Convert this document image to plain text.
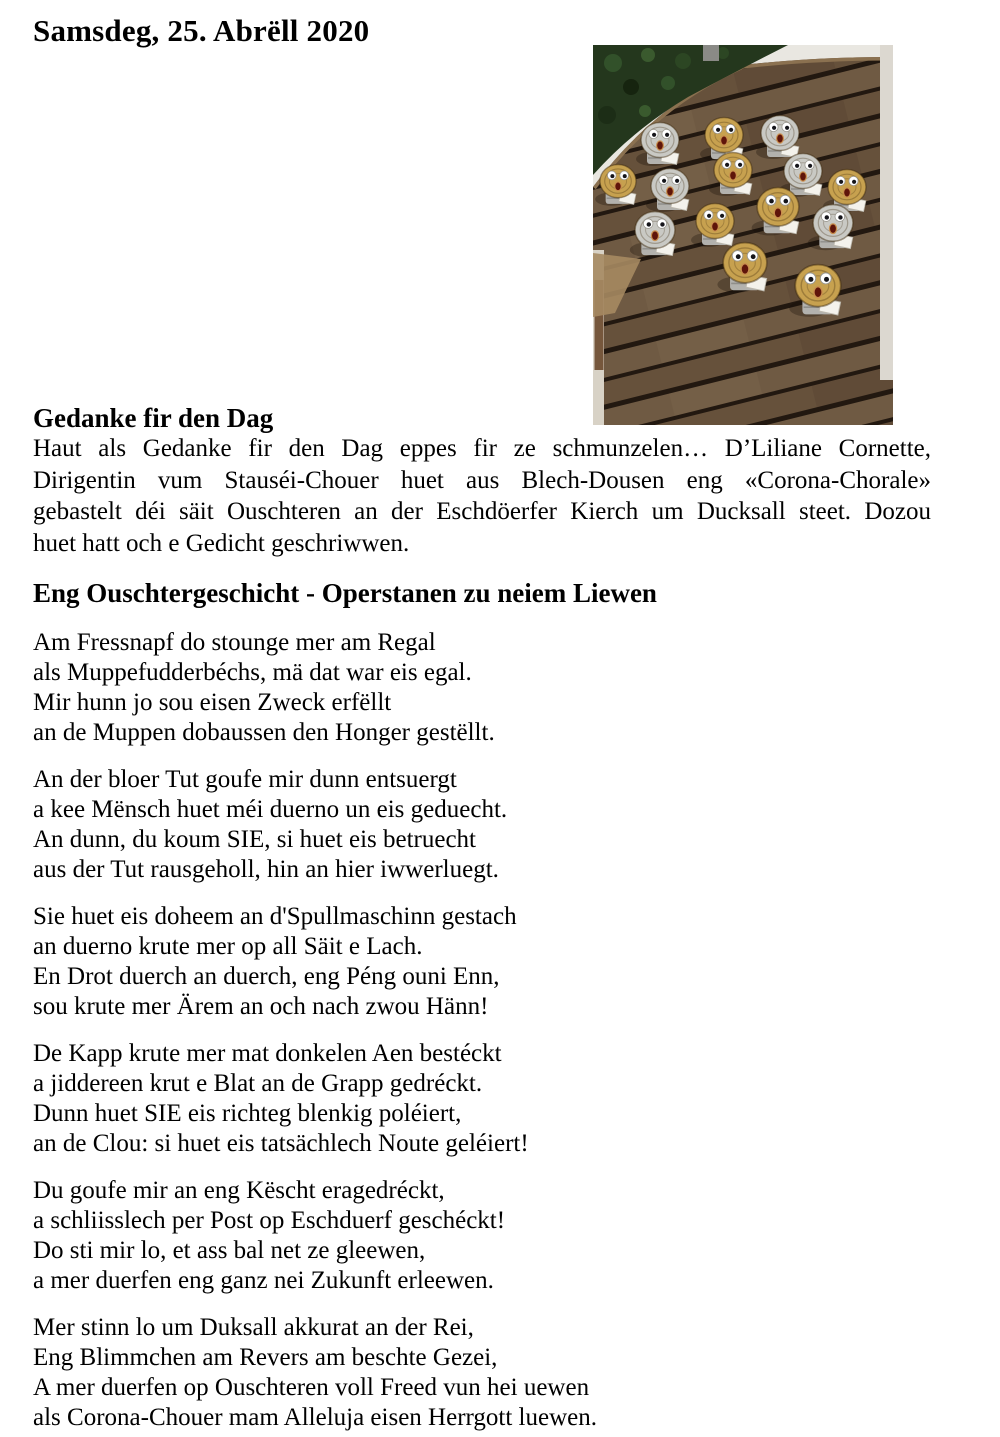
Samsdeg, 25. Abrëll 2020
Gedanke fir den Dag

Haut als Gedanke fir den Dag eppes fir ze schmunzelen… D’Liliane Cornette,
Dirigentin vum Stauséi-Chouer huet aus Blech-Dousen eng «Corona-Chorale»
gebastelt déi säit Ouschteren an der Eschdöerfer Kierch um Ducksall steet. Dozou
huet hatt och e Gedicht geschriwwen.

Eng Ouschtergeschicht - Operstanen zu neiem Liewen
Am Fressnapf do stounge mer am Regal
als Muppefudderbéchs, mä dat war eis egal.
Mir hunn jo sou eisen Zweck erfëllt
an de Muppen dobaussen den Honger gestëllt.
An der bloer Tut goufe mir dunn entsuergt
a kee Mënsch huet méi duerno un eis geduecht.
An dunn, du koum SIE, si huet eis betruecht
aus der Tut rausgeholl, hin an hier iwwerluegt.
Sie huet eis doheem an d'Spullmaschinn gestach
an duerno krute mer op all Säit e Lach.
En Drot duerch an duerch, eng Péng ouni Enn,
sou krute mer Ärem an och nach zwou Hänn!
De Kapp krute mer mat donkelen Aen bestéckt
a jiddereen krut e Blat an de Grapp gedréckt.
Dunn huet SIE eis richteg blenkig poléiert,
an de Clou: si huet eis tatsächlech Noute geléiert!
Du goufe mir an eng Këscht eragedréckt,
a schliisslech per Post op Eschduerf geschéckt!
Do sti mir lo, et ass bal net ze gleewen,
a mer duerfen eng ganz nei Zukunft erleewen.
Mer stinn lo um Duksall akkurat an der Rei,
Eng Blimmchen am Revers am beschte Gezei,
A mer duerfen op Ouschteren voll Freed vun hei uewen
als Corona-Chouer mam Alleluja eisen Herrgott luewen.
